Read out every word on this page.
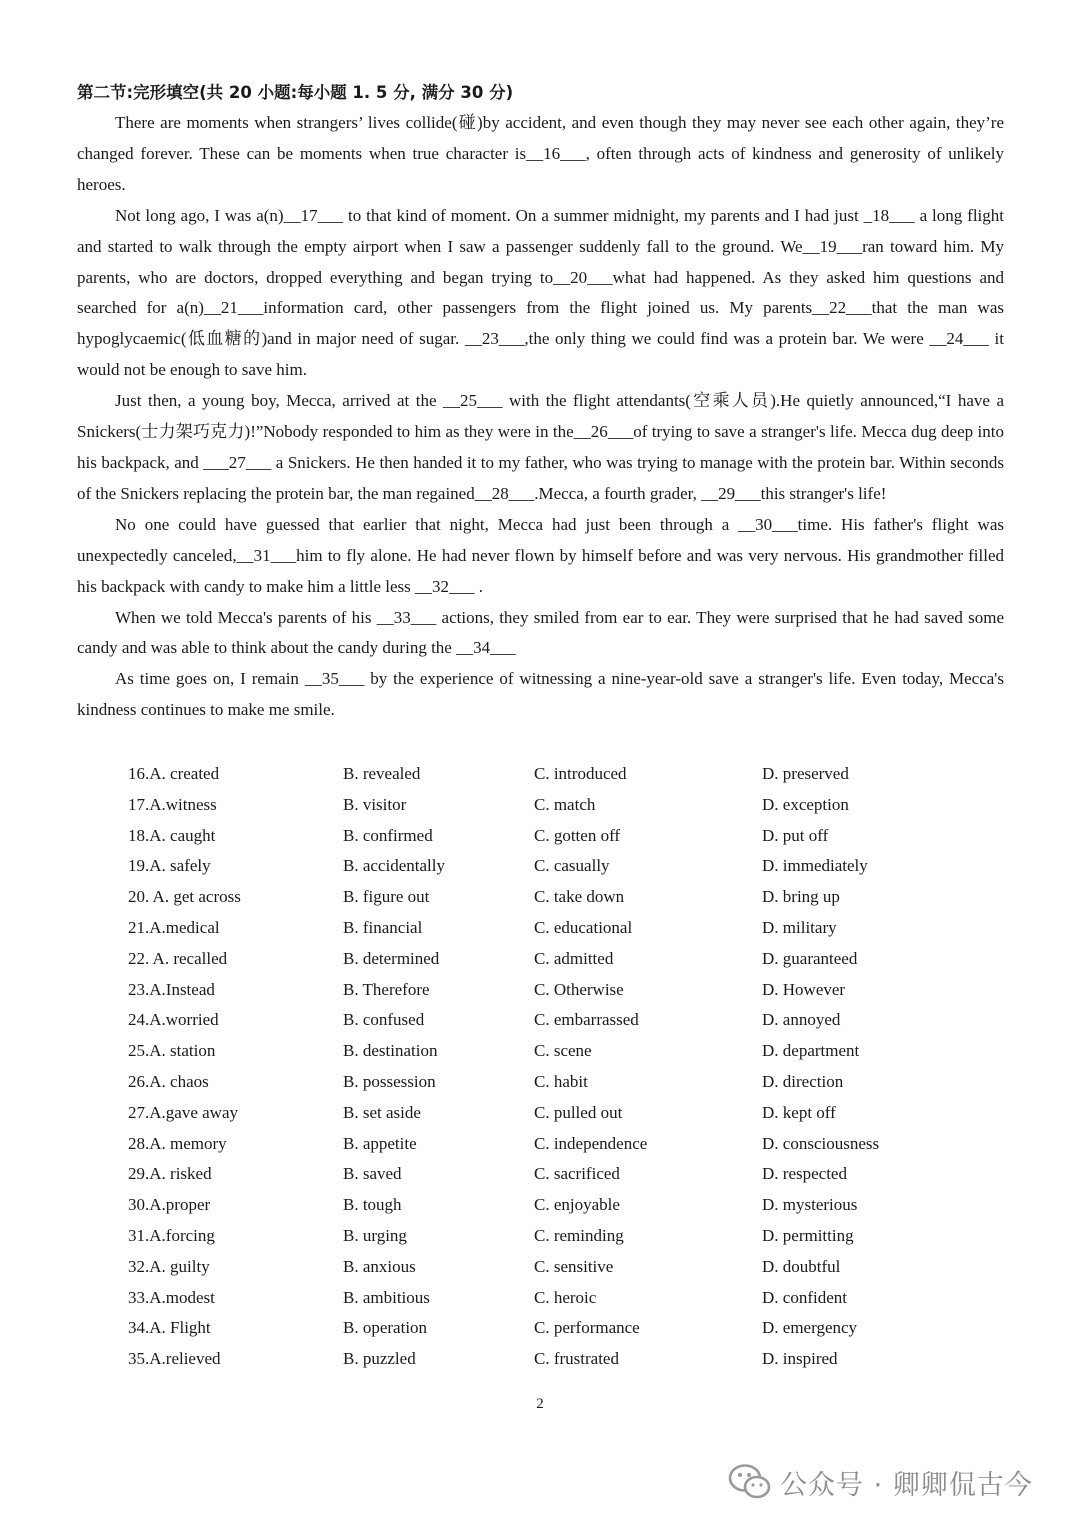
第二节:完形填空(共 20 小题:每小题 1. 5 分, 满分 30 分)

There are moments when strangers’ lives collide(碰)by accident, and even though they may never see each other again, they’re changed forever. These can be moments when true character is__16___, often through acts of kindness and generosity of unlikely heroes.

Not long ago, I was a(n)__17___ to that kind of moment. On a summer midnight, my parents and I had just _18___ a long flight and started to walk through the empty airport when I saw a passenger suddenly fall to the ground. We__19___ran toward him. My parents, who are doctors, dropped everything and began trying to__20___what had happened. As they asked him questions and searched for a(n)__21___information card, other passengers from the flight joined us. My parents__22___that the man was hypoglycaemic(低血糖的)and in major need of sugar. __23___,the only thing we could find was a protein bar. We were __24___ it would not be enough to save him.

Just then, a young boy, Mecca, arrived at the __25___ with the flight attendants(空乘人员).He quietly announced,“I have a Snickers(士力架巧克力)!”Nobody responded to him as they were in the__26___of trying to save a stranger's life. Mecca dug deep into his backpack, and ___27___ a Snickers. He then handed it to my father, who was trying to manage with the protein bar. Within seconds of the Snickers replacing the protein bar, the man regained__28___.Mecca, a fourth grader, __29___this stranger's life!

No one could have guessed that earlier that night, Mecca had just been through a __30___time. His father's flight was unexpectedly canceled,__31___him to fly alone. He had never flown by himself before and was very nervous. His grandmother filled his backpack with candy to make him a little less __32___ .

When we told Mecca's parents of his __33___ actions, they smiled from ear to ear. They were surprised that he had saved some candy and was able to think about the candy during the __34___

As time goes on, I remain __35___ by the experience of witnessing a nine-year-old save a stranger's life. Even today, Mecca's kindness continues to make me smile.

16.A. created	B. revealed	C. introduced	D. preserved
17.A.witness	B. visitor	C. match	D. exception
18.A. caught	B. confirmed	C. gotten off	D. put off
19.A. safely	B. accidentally	C. casually	D. immediately
20. A. get across	B. figure out	C. take down	D. bring up
21.A.medical	B. financial	C. educational	D. military
22. A. recalled	B. determined	C. admitted	D. guaranteed
23.A.Instead	B. Therefore	C. Otherwise	D. However
24.A.worried	B. confused	C. embarrassed	D. annoyed
25.A. station	B. destination	C. scene	D. department
26.A. chaos	B. possession	C. habit	D. direction
27.A.gave away	B. set aside	C. pulled out	D. kept off
28.A. memory	B. appetite	C. independence	D. consciousness
29.A. risked	B. saved	C. sacrificed	D. respected
30.A.proper	B. tough	C. enjoyable	D. mysterious
31.A.forcing	B. urging	C. reminding	D. permitting
32.A. guilty	B. anxious	C. sensitive	D. doubtful
33.A.modest	B. ambitious	C. heroic	D. confident
34.A. Flight	B. operation	C. performance	D. emergency
35.A.relieved	B. puzzled	C. frustrated	D. inspired
2
公众号 · 卿卿侃古今
